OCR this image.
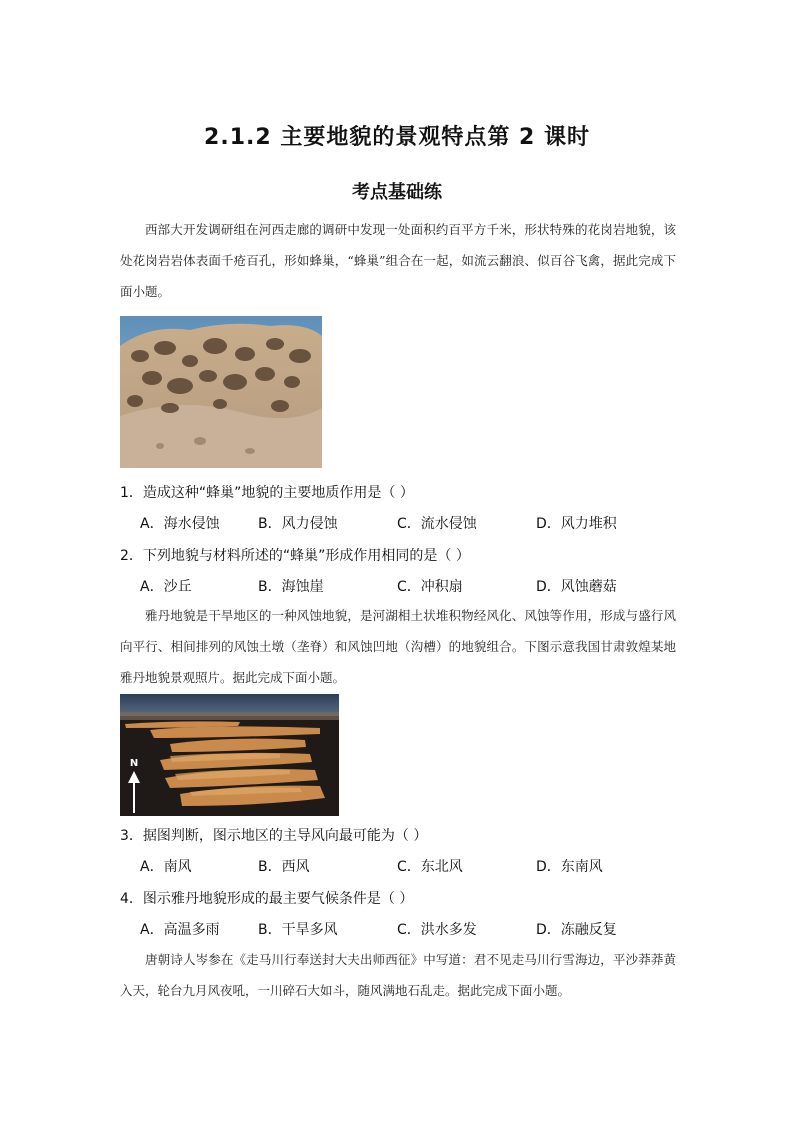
2.1.2 主要地貌的景观特点第 2 课时
考点基础练
西部大开发调研组在河西走廊的调研中发现一处面积约百平方千米，形状特殊的花岗岩地貌，该处花岗岩岩体表面千疮百孔，形如蜂巢，“蜂巢”组合在一起，如流云翻浪、似百谷飞禽，据此完成下面小题。
1．造成这种“蜂巢”地貌的主要地质作用是（ ）
A．海水侵蚀	B．风力侵蚀	C．流水侵蚀	D．风力堆积
2．下列地貌与材料所述的“蜂巢”形成作用相同的是（ ）
A．沙丘	B．海蚀崖	C．冲积扇	D．风蚀蘑菇
雅丹地貌是干旱地区的一种风蚀地貌，是河湖相土状堆积物经风化、风蚀等作用，形成与盛行风向平行、相间排列的风蚀土墩（垄脊）和风蚀凹地（沟槽）的地貌组合。下图示意我国甘肃敦煌某地雅丹地貌景观照片。据此完成下面小题。
N
3．据图判断，图示地区的主导风向最可能为（ ）
A．南风	B．西风	C．东北风	D．东南风
4．图示雅丹地貌形成的最主要气候条件是（ ）
A．高温多雨	B．干旱多风	C．洪水多发	D．冻融反复
唐朝诗人岑参在《走马川行奉送封大夫出师西征》中写道：君不见走马川行雪海边，平沙莽莽黄入天，轮台九月风夜吼，一川碎石大如斗，随风满地石乱走。据此完成下面小题。
